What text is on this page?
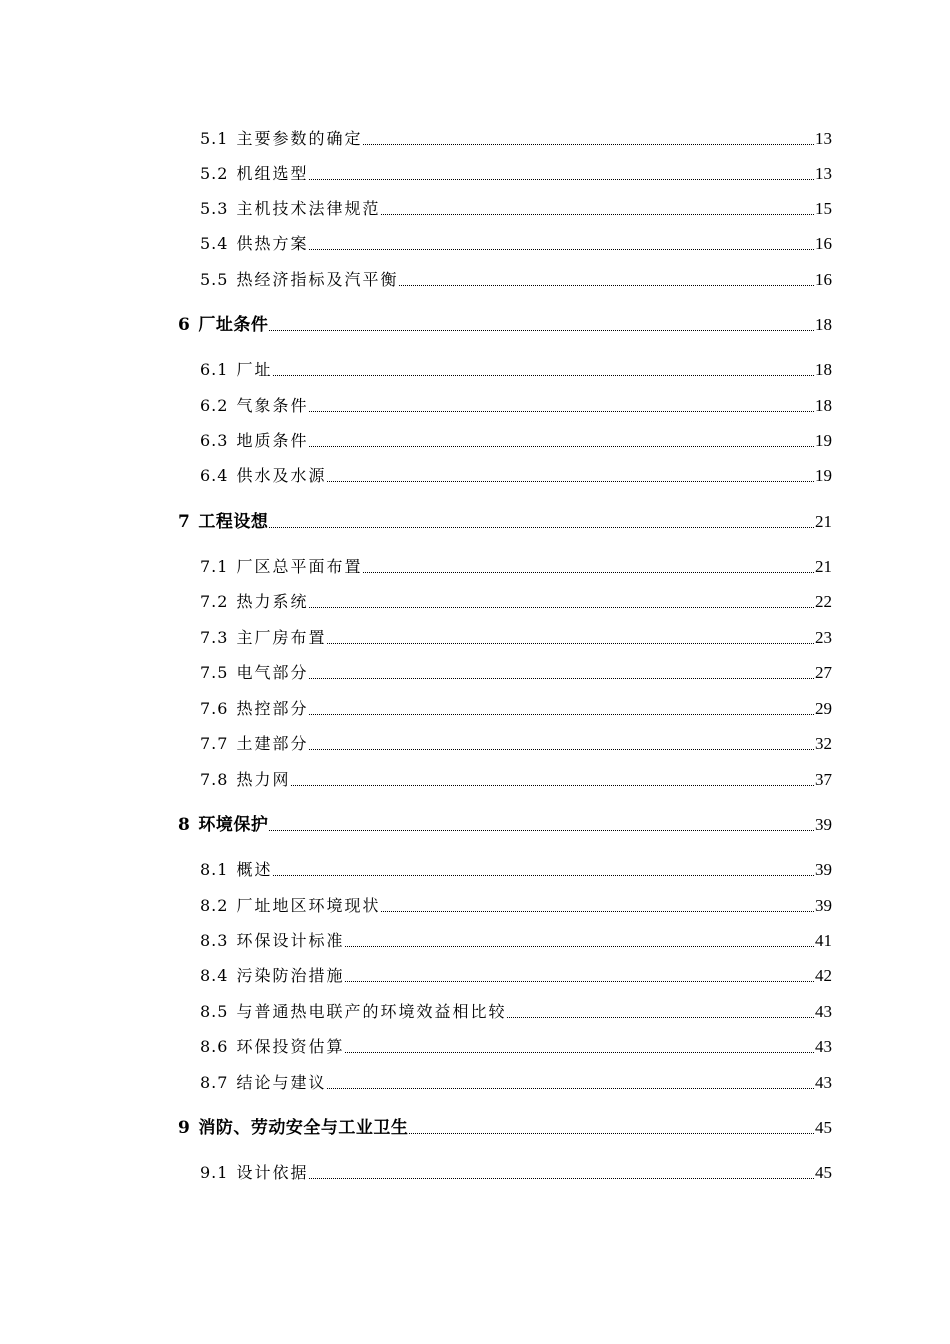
5.1 主要参数的确定	13
5.2 机组选型	13
5.3 主机技术法律规范	15
5.4 供热方案	16
5.5 热经济指标及汽平衡	16
6 厂址条件	18
6.1 厂址	18
6.2 气象条件	18
6.3 地质条件	19
6.4 供水及水源	19
7 工程设想	21
7.1 厂区总平面布置	21
7.2 热力系统	22
7.3 主厂房布置	23
7.5 电气部分	27
7.6 热控部分	29
7.7 土建部分	32
7.8 热力网	37
8 环境保护	39
8.1 概述	39
8.2 厂址地区环境现状	39
8.3 环保设计标准	41
8.4 污染防治措施	42
8.5 与普通热电联产的环境效益相比较	43
8.6 环保投资估算	43
8.7 结论与建议	43
9 消防、劳动安全与工业卫生	45
9.1 设计依据	45
